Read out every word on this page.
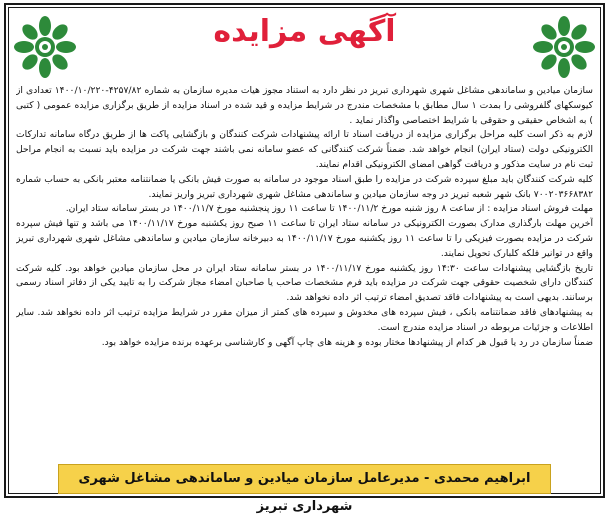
آگهی مزایده

سازمان میادین و ساماندهی مشاغل شهری شهرداری تبریز در نظر دارد به استناد مجوز هیات مدیره سازمان به شماره ۴۲۵۷/۸۲-۱۴۰۰/۱۰/۲۲۰ تعدادی از کیوسکهای گلفروشی را بمدت ۱ سال مطابق با مشخصات مندرج در شرایط مزایده و قید شده در اسناد مزایده از طریق برگزاری مزایده عمومی ( کتبی ) به اشخاص حقیقی و حقوقی با شرایط اختصاصی واگذار نماید .

لازم به ذکر است کلیه مراحل برگزاری مزایده از دریافت اسناد تا ارائه پیشنهادات شرکت کنندگان و بازگشایی پاکت ها از طریق درگاه سامانه تدارکات الکترونیکی دولت (ستاد ایران) انجام خواهد شد. ضمناً شرکت کنندگانی که عضو سامانه نمی باشند جهت شرکت در مزایده باید نسبت به انجام مراحل ثبت نام در سایت مذکور و دریافت گواهی امضای الکترونیکی اقدام نمایند.

کلیه شرکت کنندگان باید مبلغ سپرده شرکت در مزایده را طبق اسناد موجود در سامانه به صورت فیش بانکی یا ضمانتنامه معتبر بانکی به حساب شماره ۷۰۰۲۰۳۶۶۸۳۸۲ بانک شهر شعبه تبریز در وجه سازمان میادین و ساماندهی مشاغل شهری شهرداری تبریز واریز نمایند.

مهلت فروش اسناد مزایده : از ساعت ۸ روز شنبه مورخ ۱۴۰۰/۱۱/۲ تا ساعت ۱۱ روز پنجشنبه مورخ ۱۴۰۰/۱۱/۷ در بستر سامانه ستاد ایران.

آخرین مهلت بارگذاری مدارک بصورت الکترونیکی در سامانه ستاد ایران تا ساعت ۱۱ صبح روز یکشنبه مورخ ۱۴۰۰/۱۱/۱۷ می باشد و تنها فیش سپرده شرکت در مزایده بصورت فیزیکی را تا ساعت ۱۱ روز یکشنبه مورخ ۱۴۰۰/۱۱/۱۷ به دبیرخانه سازمان میادین و ساماندهی مشاغل شهری شهرداری تبریز واقع در توانیر فلکه کلبارک تحویل نمایند.

تاریخ بازگشایی پیشنهادات ساعت ۱۴:۳۰ روز یکشنبه مورخ ۱۴۰۰/۱۱/۱۷ در بستر سامانه ستاد ایران در محل سازمان میادین خواهد بود. کلیه شرکت کنندگان دارای شخصیت حقوقی جهت شرکت در مزایده باید فرم مشخصات صاحب یا صاحبان امضاء مجاز شرکت را به تایید یکی از دفاتر اسناد رسمی برسانند. بدیهی است به پیشنهادات فاقد تصدیق امضاء ترتیب اثر داده نخواهد شد.

به پیشنهادهای فاقد ضمانتنامه بانکی ، فیش سپرده های مخدوش و سپرده های کمتر از میزان مقرر در شرایط مزایده ترتیب اثر داده نخواهد شد. سایر اطلاعات و جزئیات مربوطه در اسناد مزایده مندرج است.

ضمناً سازمان در رد یا قبول هر کدام از پیشنهادها مختار بوده و هزینه های چاپ آگهی و کارشناسی برعهده برنده مزایده خواهد بود.

ابراهیم محمدی - مدیرعامل سازمان میادین و ساماندهی مشاغل شهری شهرداری تبریز
